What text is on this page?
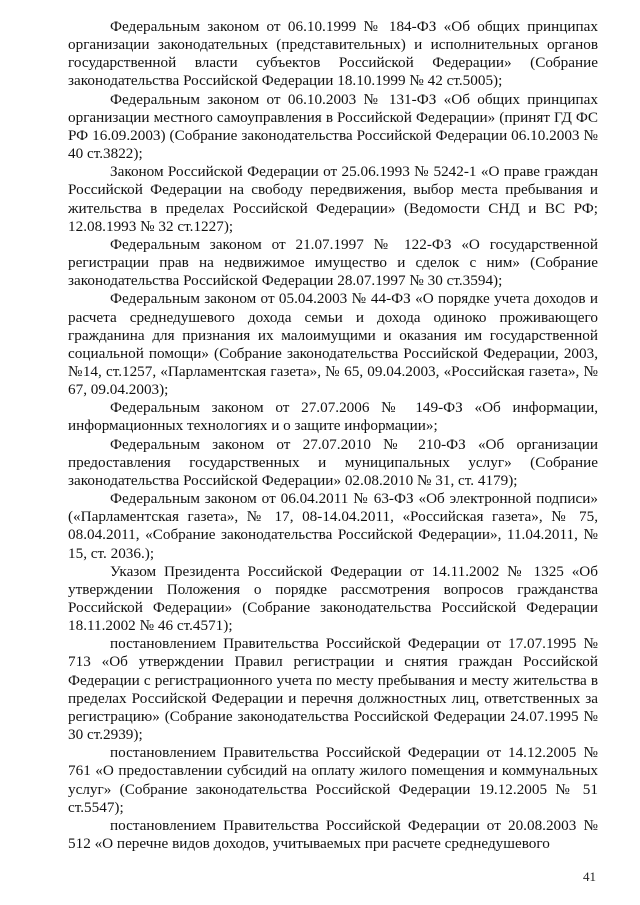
Федеральным законом от 06.10.1999 № 184-ФЗ «Об общих принципах организации законодательных (представительных) и исполнительных органов государственной власти субъектов Российской Федерации» (Собрание законодательства Российской Федерации 18.10.1999 № 42 ст.5005);

Федеральным законом от 06.10.2003 № 131-ФЗ «Об общих принципах организации местного самоуправления в Российской Федерации» (принят ГД ФС РФ 16.09.2003) (Собрание законодательства Российской Федерации 06.10.2003 № 40 ст.3822);

Законом Российской Федерации от 25.06.1993 № 5242-1 «О праве граждан Российской Федерации на свободу передвижения, выбор места пребывания и жительства в пределах Российской Федерации» (Ведомости СНД и ВС РФ; 12.08.1993 № 32 ст.1227);

Федеральным законом от 21.07.1997 № 122-ФЗ «О государственной регистрации прав на недвижимое имущество и сделок с ним» (Собрание законодательства Российской Федерации 28.07.1997 № 30 ст.3594);

Федеральным законом от 05.04.2003 № 44-ФЗ «О порядке учета доходов и расчета среднедушевого дохода семьи и дохода одиноко проживающего гражданина для признания их малоимущими и оказания им государственной социальной помощи» (Собрание законодательства Российской Федерации, 2003, №14, ст.1257, «Парламентская газета», № 65, 09.04.2003, «Российская газета», № 67, 09.04.2003);

Федеральным законом от 27.07.2006 № 149-ФЗ «Об информации, информационных технологиях и о защите информации»;

Федеральным законом от 27.07.2010 № 210-ФЗ «Об организации предоставления государственных и муниципальных услуг» (Собрание законодательства Российской Федерации» 02.08.2010 № 31, ст. 4179);

Федеральным законом от 06.04.2011 № 63-ФЗ «Об электронной подписи» («Парламентская газета», № 17, 08-14.04.2011, «Российская газета», № 75, 08.04.2011, «Собрание законодательства Российской Федерации», 11.04.2011, № 15, ст. 2036.);

Указом Президента Российской Федерации от 14.11.2002 № 1325 «Об утверждении Положения о порядке рассмотрения вопросов гражданства Российской Федерации» (Собрание законодательства Российской Федерации 18.11.2002 № 46 ст.4571);

постановлением Правительства Российской Федерации от 17.07.1995 № 713 «Об утверждении Правил регистрации и снятия граждан Российской Федерации с регистрационного учета по месту пребывания и месту жительства в пределах Российской Федерации и перечня должностных лиц, ответственных за регистрацию» (Собрание законодательства Российской Федерации 24.07.1995 № 30 ст.2939);

постановлением Правительства Российской Федерации от 14.12.2005 № 761 «О предоставлении субсидий на оплату жилого помещения и коммунальных услуг» (Собрание законодательства Российской Федерации 19.12.2005 № 51 ст.5547);

постановлением Правительства Российской Федерации от 20.08.2003 № 512 «О перечне видов доходов, учитываемых при расчете среднедушевого

41
